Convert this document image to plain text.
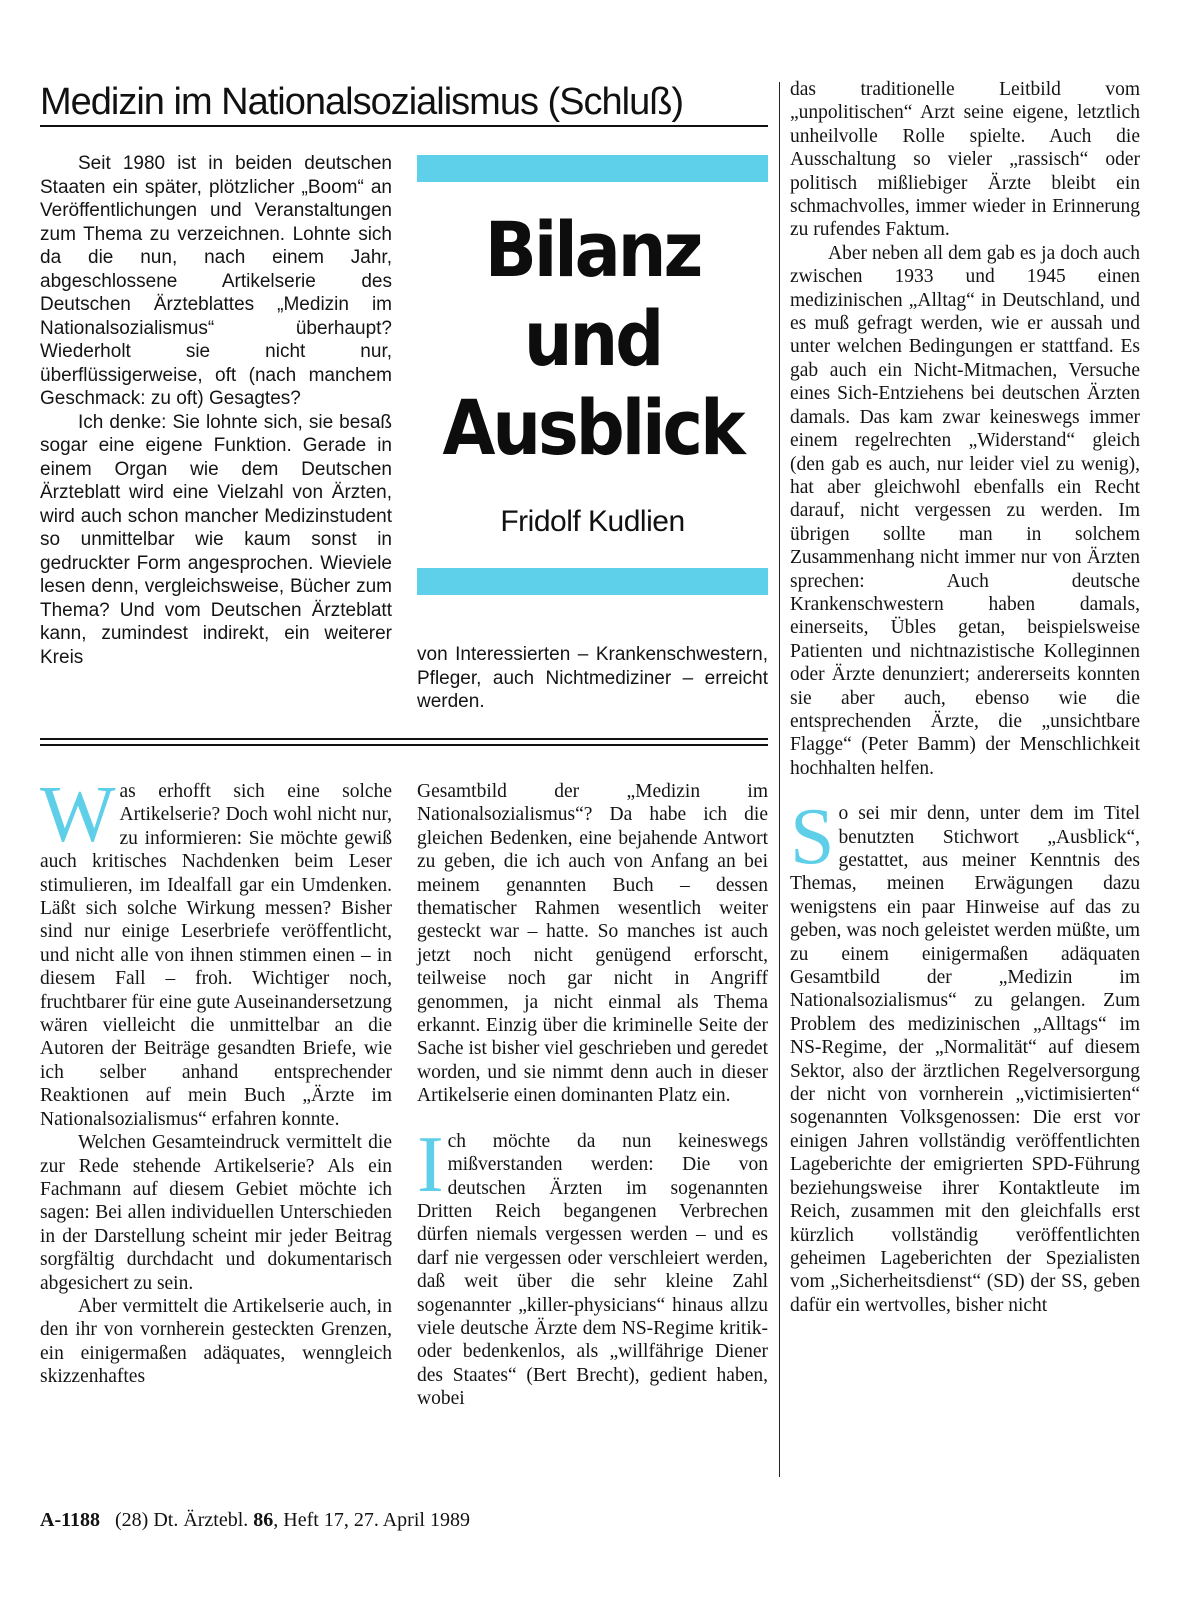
Medizin im Nationalsozialismus (Schluß)

Seit 1980 ist in beiden deutschen Staaten ein später, plötzlicher „Boom“ an Veröffentlichungen und Veranstaltungen zum Thema zu verzeichnen. Lohnte sich da die nun, nach einem Jahr, abgeschlossene Artikelserie des Deutschen Ärzteblattes „Medizin im Nationalsozialismus“ überhaupt? Wiederholt sie nicht nur, überflüssigerweise, oft (nach manchem Geschmack: zu oft) Gesagtes?

Ich denke: Sie lohnte sich, sie besaß sogar eine eigene Funktion. Gerade in einem Organ wie dem Deutschen Ärzteblatt wird eine Vielzahl von Ärzten, wird auch schon mancher Medizinstudent so unmittelbar wie kaum sonst in gedruckter Form angesprochen. Wieviele lesen denn, vergleichsweise, Bücher zum Thema? Und vom Deutschen Ärzteblatt kann, zumindest indirekt, ein weiterer Kreis

Bilanz
und
Ausblick
Fridolf Kudlien
von Interessierten – Krankenschwestern, Pfleger, auch Nichtmediziner – erreicht werden.

Was erhofft sich eine solche Artikelserie? Doch wohl nicht nur, zu informieren: Sie möchte gewiß auch kritisches Nachdenken beim Leser stimulieren, im Idealfall gar ein Umdenken. Läßt sich solche Wirkung messen? Bisher sind nur einige Leserbriefe veröffentlicht, und nicht alle von ihnen stimmen einen – in diesem Fall – froh. Wichtiger noch, fruchtbarer für eine gute Auseinandersetzung wären vielleicht die unmittelbar an die Autoren der Beiträge gesandten Briefe, wie ich selber anhand entsprechender Reaktionen auf mein Buch „Ärzte im Nationalsozialismus“ erfahren konnte.

Welchen Gesamteindruck vermittelt die zur Rede stehende Artikelserie? Als ein Fachmann auf diesem Gebiet möchte ich sagen: Bei allen individuellen Unterschieden in der Darstellung scheint mir jeder Beitrag sorgfältig durchdacht und dokumentarisch abgesichert zu sein.

Aber vermittelt die Artikelserie auch, in den ihr von vornherein gesteckten Grenzen, ein einigermaßen adäquates, wenngleich skizzenhaftes

Gesamtbild der „Medizin im Nationalsozialismus“? Da habe ich die gleichen Bedenken, eine bejahende Antwort zu geben, die ich auch von Anfang an bei meinem genannten Buch – dessen thematischer Rahmen wesentlich weiter gesteckt war – hatte. So manches ist auch jetzt noch nicht genügend erforscht, teilweise noch gar nicht in Angriff genommen, ja nicht einmal als Thema erkannt. Einzig über die kriminelle Seite der Sache ist bisher viel geschrieben und geredet worden, und sie nimmt denn auch in dieser Artikelserie einen dominanten Platz ein.

Ich möchte da nun keineswegs mißverstanden werden: Die von deutschen Ärzten im sogenannten Dritten Reich begangenen Verbrechen dürfen niemals vergessen werden – und es darf nie vergessen oder verschleiert werden, daß weit über die sehr kleine Zahl sogenannter „killer-physicians“ hinaus allzu viele deutsche Ärzte dem NS-Regime kritik- oder bedenkenlos, als „willfährige Diener des Staates“ (Bert Brecht), gedient haben, wobei

das traditionelle Leitbild vom „unpolitischen“ Arzt seine eigene, letztlich unheilvolle Rolle spielte. Auch die Ausschaltung so vieler „rassisch“ oder politisch mißliebiger Ärzte bleibt ein schmachvolles, immer wieder in Erinnerung zu rufendes Faktum.

Aber neben all dem gab es ja doch auch zwischen 1933 und 1945 einen medizinischen „Alltag“ in Deutschland, und es muß gefragt werden, wie er aussah und unter welchen Bedingungen er stattfand. Es gab auch ein Nicht-Mitmachen, Versuche eines Sich-Entziehens bei deutschen Ärzten damals. Das kam zwar keineswegs immer einem regelrechten „Widerstand“ gleich (den gab es auch, nur leider viel zu wenig), hat aber gleichwohl ebenfalls ein Recht darauf, nicht vergessen zu werden. Im übrigen sollte man in solchem Zusammenhang nicht immer nur von Ärzten sprechen: Auch deutsche Krankenschwestern haben damals, einerseits, Übles getan, beispielsweise Patienten und nichtnazistische Kolleginnen oder Ärzte denunziert; andererseits konnten sie aber auch, ebenso wie die entsprechenden Ärzte, die „unsichtbare Flagge“ (Peter Bamm) der Menschlichkeit hochhalten helfen.

So sei mir denn, unter dem im Titel benutzten Stichwort „Ausblick“, gestattet, aus meiner Kenntnis des Themas, meinen Erwägungen dazu wenigstens ein paar Hinweise auf das zu geben, was noch geleistet werden müßte, um zu einem einigermaßen adäquaten Gesamtbild der „Medizin im Nationalsozialismus“ zu gelangen. Zum Problem des medizinischen „Alltags“ im NS-Regime, der „Normalität“ auf diesem Sektor, also der ärztlichen Regelversorgung der nicht von vornherein „victimisierten“ sogenannten Volksgenossen: Die erst vor einigen Jahren vollständig veröffentlichten Lageberichte der emigrierten SPD-Führung beziehungsweise ihrer Kontaktleute im Reich, zusammen mit den gleichfalls erst kürzlich vollständig veröffentlichten geheimen Lageberichten der Spezialisten vom „Sicherheitsdienst“ (SD) der SS, geben dafür ein wertvolles, bisher nicht

A-1188 (28) Dt. Ärztebl. 86, Heft 17, 27. April 1989
